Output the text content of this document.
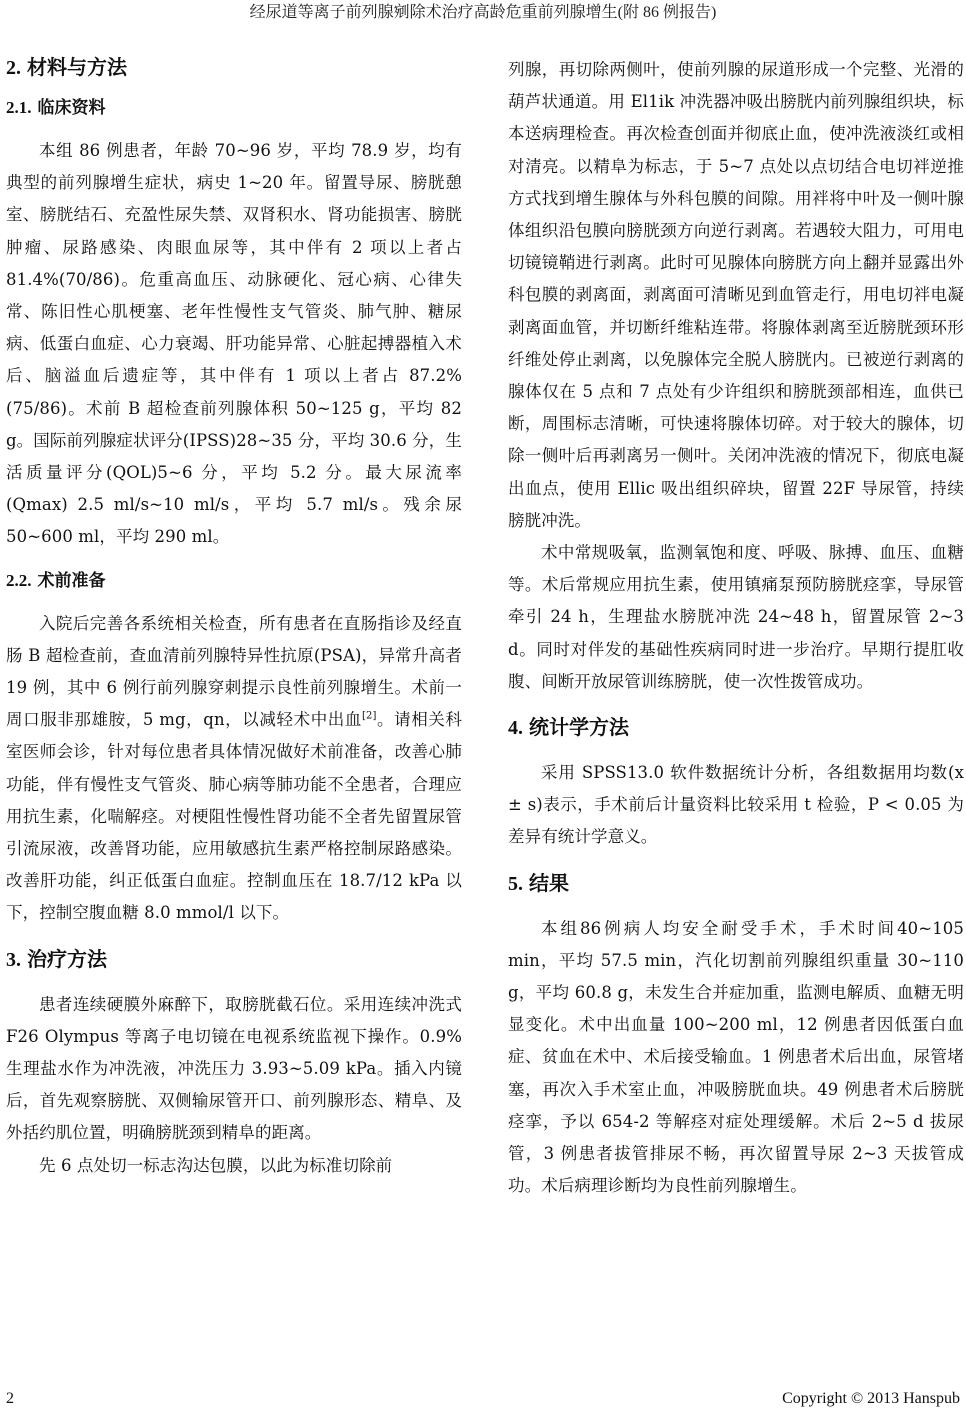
经尿道等离子前列腺剜除术治疗高龄危重前列腺增生(附 86 例报告)
2. 材料与方法
2.1. 临床资料

本组 86 例患者，年龄 70~96 岁，平均 78.9 岁，均有典型的前列腺增生症状，病史 1~20 年。留置导尿、膀胱憩室、膀胱结石、充盈性尿失禁、双肾积水、肾功能损害、膀胱肿瘤、尿路感染、肉眼血尿等，其中伴有 2 项以上者占 81.4%(70/86)。危重高血压、动脉硬化、冠心病、心律失常、陈旧性心肌梗塞、老年性慢性支气管炎、肺气肿、糖尿病、低蛋白血症、心力衰竭、肝功能异常、心脏起搏器植入术后、脑溢血后遗症等，其中伴有 1 项以上者占 87.2%(75/86)。术前 B 超检查前列腺体积 50~125 g，平均 82 g。国际前列腺症状评分(IPSS)28~35 分，平均 30.6 分，生活质量评分(QOL)5~6 分，平均 5.2 分。最大尿流率(Qmax) 2.5 ml/s~10 ml/s，平均 5.7 ml/s。残余尿 50~600 ml，平均 290 ml。

2.2. 术前准备

入院后完善各系统相关检查，所有患者在直肠指诊及经直肠 B 超检查前，查血清前列腺特异性抗原(PSA)，异常升高者 19 例，其中 6 例行前列腺穿刺提示良性前列腺增生。术前一周口服非那雄胺，5 mg，qn，以减轻术中出血[2]。请相关科室医师会诊，针对每位患者具体情况做好术前准备，改善心肺功能，伴有慢性支气管炎、肺心病等肺功能不全患者，合理应用抗生素，化喘解痉。对梗阻性慢性肾功能不全者先留置尿管引流尿液，改善肾功能，应用敏感抗生素严格控制尿路感染。改善肝功能，纠正低蛋白血症。控制血压在 18.7/12 kPa 以下，控制空腹血糖 8.0 mmol/l 以下。

3. 治疗方法

患者连续硬膜外麻醉下，取膀胱截石位。采用连续冲洗式 F26 Olympus 等离子电切镜在电视系统监视下操作。0.9%生理盐水作为冲洗液，冲洗压力 3.93~5.09 kPa。插入内镜后，首先观察膀胱、双侧输尿管开口、前列腺形态、精阜、及外括约肌位置，明确膀胱颈到精阜的距离。

先 6 点处切一标志沟达包膜，以此为标准切除前

列腺，再切除两侧叶，使前列腺的尿道形成一个完整、光滑的葫芦状通道。用 El1ik 冲洗器冲吸出膀胱内前列腺组织块，标本送病理检查。再次检查创面并彻底止血，使冲洗液淡红或相对清亮。以精阜为标志，于 5~7 点处以点切结合电切袢逆推方式找到增生腺体与外科包膜的间隙。用袢将中叶及一侧叶腺体组织沿包膜向膀胱颈方向逆行剥离。若遇较大阻力，可用电切镜镜鞘进行剥离。此时可见腺体向膀胱方向上翻并显露出外科包膜的剥离面，剥离面可清晰见到血管走行，用电切袢电凝剥离面血管，并切断纤维粘连带。将腺体剥离至近膀胱颈环形纤维处停止剥离，以免腺体完全脱人膀胱内。已被逆行剥离的腺体仅在 5 点和 7 点处有少许组织和膀胱颈部相连，血供已断，周围标志清晰，可快速将腺体切碎。对于较大的腺体，切除一侧叶后再剥离另一侧叶。关闭冲洗液的情况下，彻底电凝出血点，使用 Ellic 吸出组织碎块，留置 22F 导尿管，持续膀胱冲洗。

术中常规吸氧，监测氧饱和度、呼吸、脉搏、血压、血糖等。术后常规应用抗生素，使用镇痛泵预防膀胱痉挛，导尿管牵引 24 h，生理盐水膀胱冲洗 24~48 h，留置尿管 2~3 d。同时对伴发的基础性疾病同时进一步治疗。早期行提肛收腹、间断开放尿管训练膀胱，使一次性拨管成功。

4. 统计学方法

采用 SPSS13.0 软件数据统计分析，各组数据用均数(x ± s)表示，手术前后计量资料比较采用 t 检验，P < 0.05 为差异有统计学意义。

5. 结果

本组86例病人均安全耐受手术，手术时间40~105 min，平均 57.5 min，汽化切割前列腺组织重量 30~110 g，平均 60.8 g，未发生合并症加重，监测电解质、血糖无明显变化。术中出血量 100~200 ml，12 例患者因低蛋白血症、贫血在术中、术后接受输血。1 例患者术后出血，尿管堵塞，再次入手术室止血，冲吸膀胱血块。49 例患者术后膀胱痉挛，予以 654-2 等解痉对症处理缓解。术后 2~5 d 拔尿管，3 例患者拔管排尿不畅，再次留置导尿 2~3 天拔管成功。术后病理诊断均为良性前列腺增生。

2	Copyright © 2013 Hanspub
